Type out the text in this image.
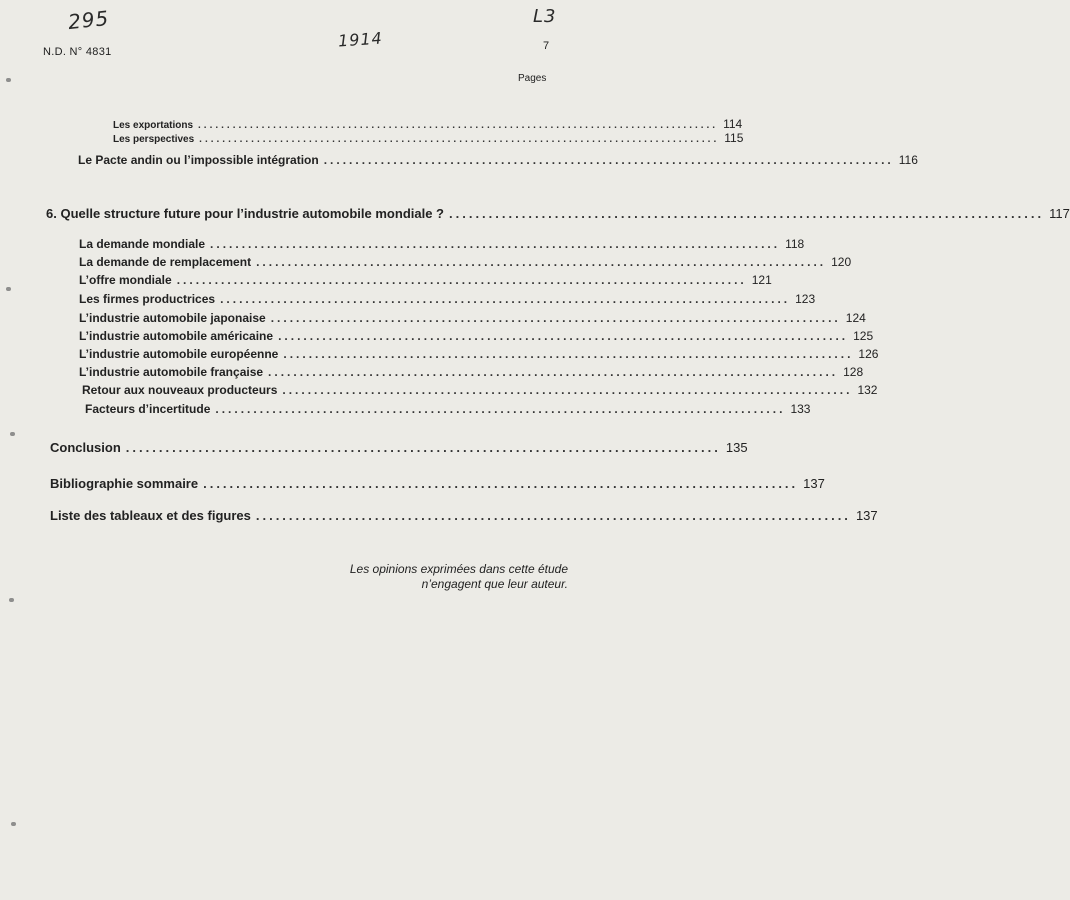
295
1914
L3
N.D. N° 4831	7
Pages
Les exportations .......................................................................................... 114
Les perspectives .......................................................................................... 115
Le Pacte andin ou l’impossible intégration .......................................................................................... 116
6. Quelle structure future pour l’industrie automobile mondiale ? .......................................................................................... 117
La demande mondiale .......................................................................................... 118
La demande de remplacement .......................................................................................... 120
L’offre mondiale .......................................................................................... 121
Les firmes productrices .......................................................................................... 123
L’industrie automobile japonaise .......................................................................................... 124
L’industrie automobile américaine .......................................................................................... 125
L’industrie automobile européenne .......................................................................................... 126
L’industrie automobile française .......................................................................................... 128
Retour aux nouveaux producteurs .......................................................................................... 132
Facteurs d’incertitude .......................................................................................... 133
Conclusion .......................................................................................... 135
Bibliographie sommaire .......................................................................................... 137
Liste des tableaux et des figures .......................................................................................... 137
Les opinions exprimées dans cette étude
n’engagent que leur auteur.
